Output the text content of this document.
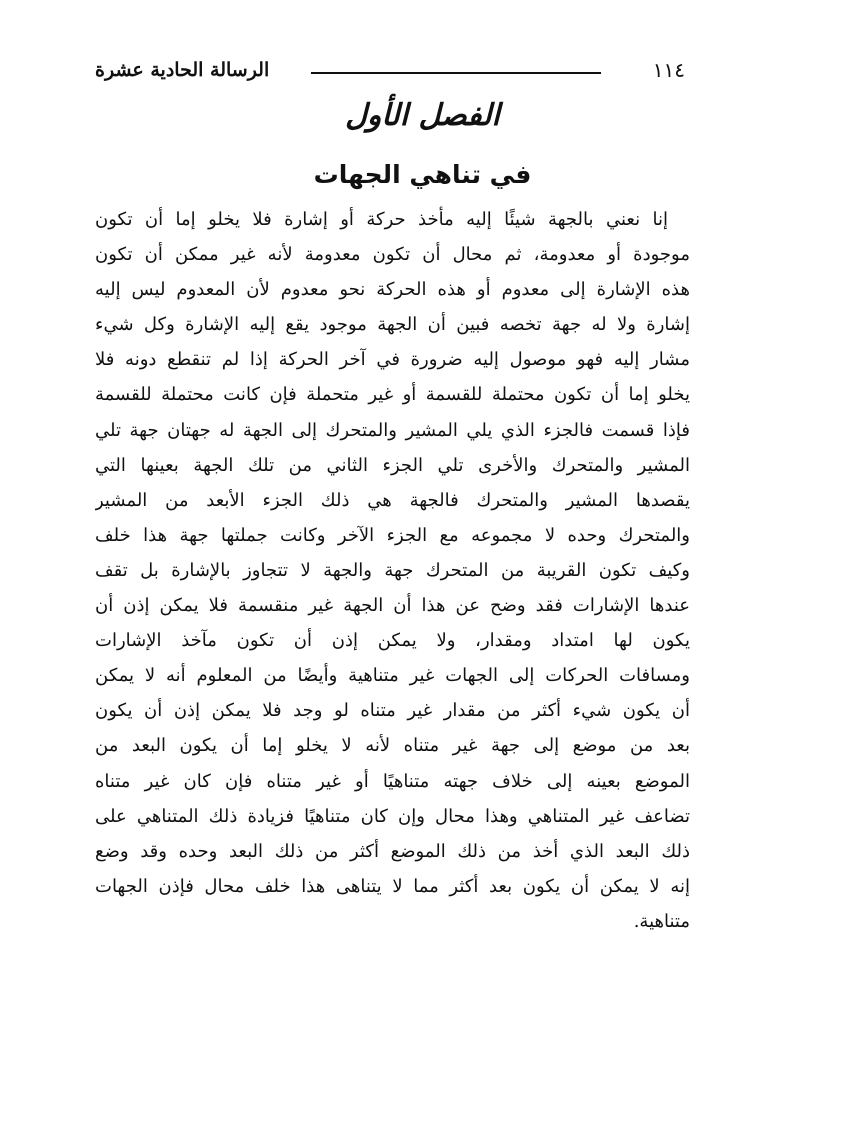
الرسالة الحادية عشرة	١١٤
الفصل الأول
في تناهي الجهات
إنا نعني بالجهة شيئًا إليه مأخذ حركة أو إشارة فلا يخلو إما أن تكون
موجودة أو معدومة، ثم محال أن تكون معدومة لأنه غير ممكن أن تكون
هذه الإشارة إلى معدوم أو هذه الحركة نحو معدوم لأن المعدوم ليس إليه
إشارة ولا له جهة تخصه فبين أن الجهة موجود يقع إليه الإشارة وكل شيء
مشار إليه فهو موصول إليه ضرورة في آخر الحركة إذا لم تنقطع دونه فلا
يخلو إما أن تكون محتملة للقسمة أو غير متحملة فإن كانت محتملة للقسمة
فإذا قسمت فالجزء الذي يلي المشير والمتحرك إلى الجهة له جهتان جهة تلي
المشير والمتحرك والأخرى تلي الجزء الثاني من تلك الجهة بعينها التي
يقصدها المشير والمتحرك فالجهة هي ذلك الجزء الأبعد من المشير
والمتحرك وحده لا مجموعه مع الجزء الآخر وكانت جملتها جهة هذا خلف
وكيف تكون القريبة من المتحرك جهة والجهة لا تتجاوز بالإشارة بل تقف
عندها الإشارات فقد وضح عن هذا أن الجهة غير منقسمة فلا يمكن إذن أن
يكون لها امتداد ومقدار، ولا يمكن إذن أن تكون مآخذ الإشارات
ومسافات الحركات إلى الجهات غير متناهية وأيضًا من المعلوم أنه لا يمكن
أن يكون شيء أكثر من مقدار غير متناه لو وجد فلا يمكن إذن أن يكون
بعد من موضع إلى جهة غير متناه لأنه لا يخلو إما أن يكون البعد من
الموضع بعينه إلى خلاف جهته متناهيًا أو غير متناه فإن كان غير متناه
تضاعف غير المتناهي وهذا محال وإن كان متناهيًا فزيادة ذلك المتناهي على
ذلك البعد الذي أخذ من ذلك الموضع أكثر من ذلك البعد وحده وقد وضع
إنه لا يمكن أن يكون بعد أكثر مما لا يتناهى هذا خلف محال فإذن الجهات
متناهية.
